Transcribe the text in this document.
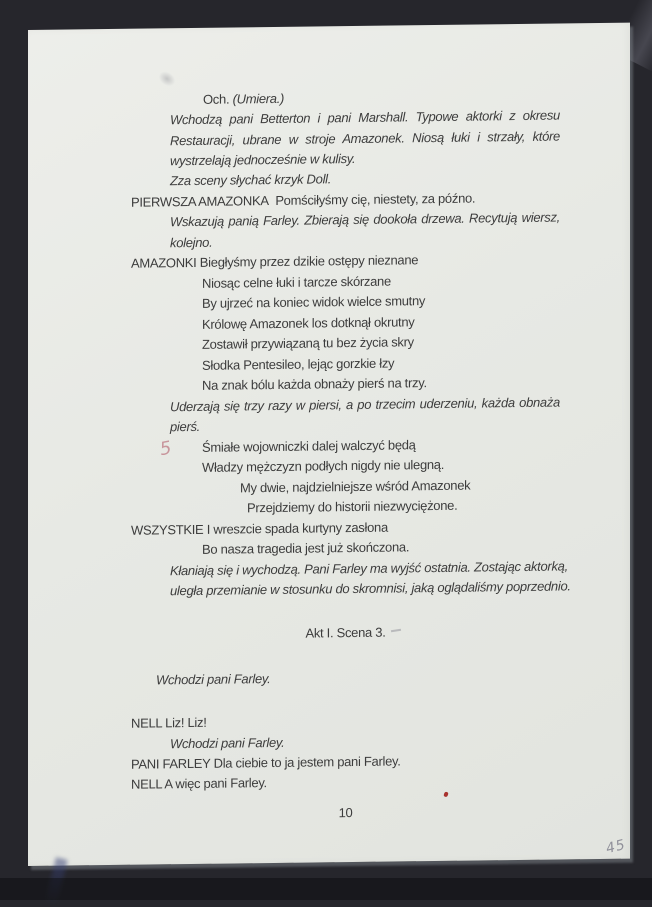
Och. (Umiera.)
Wchodzą pani Betterton i pani Marshall. Typowe aktorki z okresu
Restauracji, ubrane w stroje Amazonek. Niosą łuki i strzały, które
wystrzelają jednocześnie w kulisy.
Zza sceny słychać krzyk Doll.
PIERWSZA AMAZONKA  Pomściłyśmy cię, niestety, za późno.
Wskazują panią Farley. Zbierają się dookoła drzewa. Recytują wiersz,
kolejno.
AMAZONKI Biegłyśmy przez dzikie ostępy nieznane
Niosąc celne łuki i tarcze skórzane
By ujrzeć na koniec widok wielce smutny
Królowę Amazonek los dotknął okrutny
Zostawił przywiązaną tu bez życia skry
Słodka Pentesileo, lejąc gorzkie łzy
Na znak bólu każda obnaży pierś na trzy.
Uderzają się trzy razy w piersi, a po trzecim uderzeniu, każda obnaża
pierś.
Śmiałe wojowniczki dalej walczyć będą
Władzy mężczyzn podłych nigdy nie ulegną.
My dwie, najdzielniejsze wśród Amazonek
Przejdziemy do historii niezwyciężone.
WSZYSTKIE I wreszcie spada kurtyny zasłona
Bo nasza tragedia jest już skończona.
Kłaniają się i wychodzą. Pani Farley ma wyjść ostatnia. Zostając aktorką,
uległa przemianie w stosunku do skromnisi, jaką oglądaliśmy poprzednio.
Akt I. Scena 3.
Wchodzi pani Farley.
NELL Liz! Liz!
Wchodzi pani Farley.
PANI FARLEY Dla ciebie to ja jestem pani Farley.
NELL A więc pani Farley.
10
5
45
